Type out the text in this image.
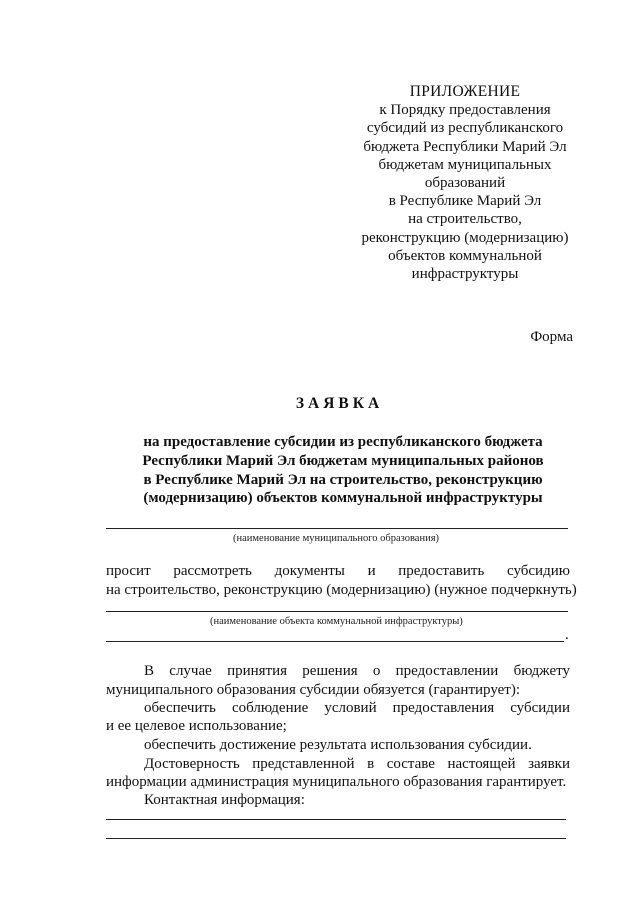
ПРИЛОЖЕНИЕ
к Порядку предоставления
субсидий из республиканского
бюджета Республики Марий Эл
бюджетам муниципальных
образований
в Республике Марий Эл
на строительство,
реконструкцию (модернизацию)
объектов коммунальной
инфраструктуры
Форма
ЗАЯВКА
на предоставление субсидии из республиканского бюджета
Республики Марий Эл бюджетам муниципальных районов
в Республике Марий Эл на строительство, реконструкцию
(модернизацию) объектов коммунальной инфраструктуры
(наименование муниципального образования)
просит рассмотреть документы и предоставить субсидию
на строительство, реконструкцию (модернизацию) (нужное подчеркнуть)
(наименование объекта коммунальной инфраструктуры)
.
В случае принятия решения о предоставлении бюджету
муниципального образования субсидии обязуется (гарантирует):
обеспечить соблюдение условий предоставления субсидии
и ее целевое использование;
обеспечить достижение результата использования субсидии.
Достоверность представленной в составе настоящей заявки
информации администрация муниципального образования гарантирует.
Контактная информация:
